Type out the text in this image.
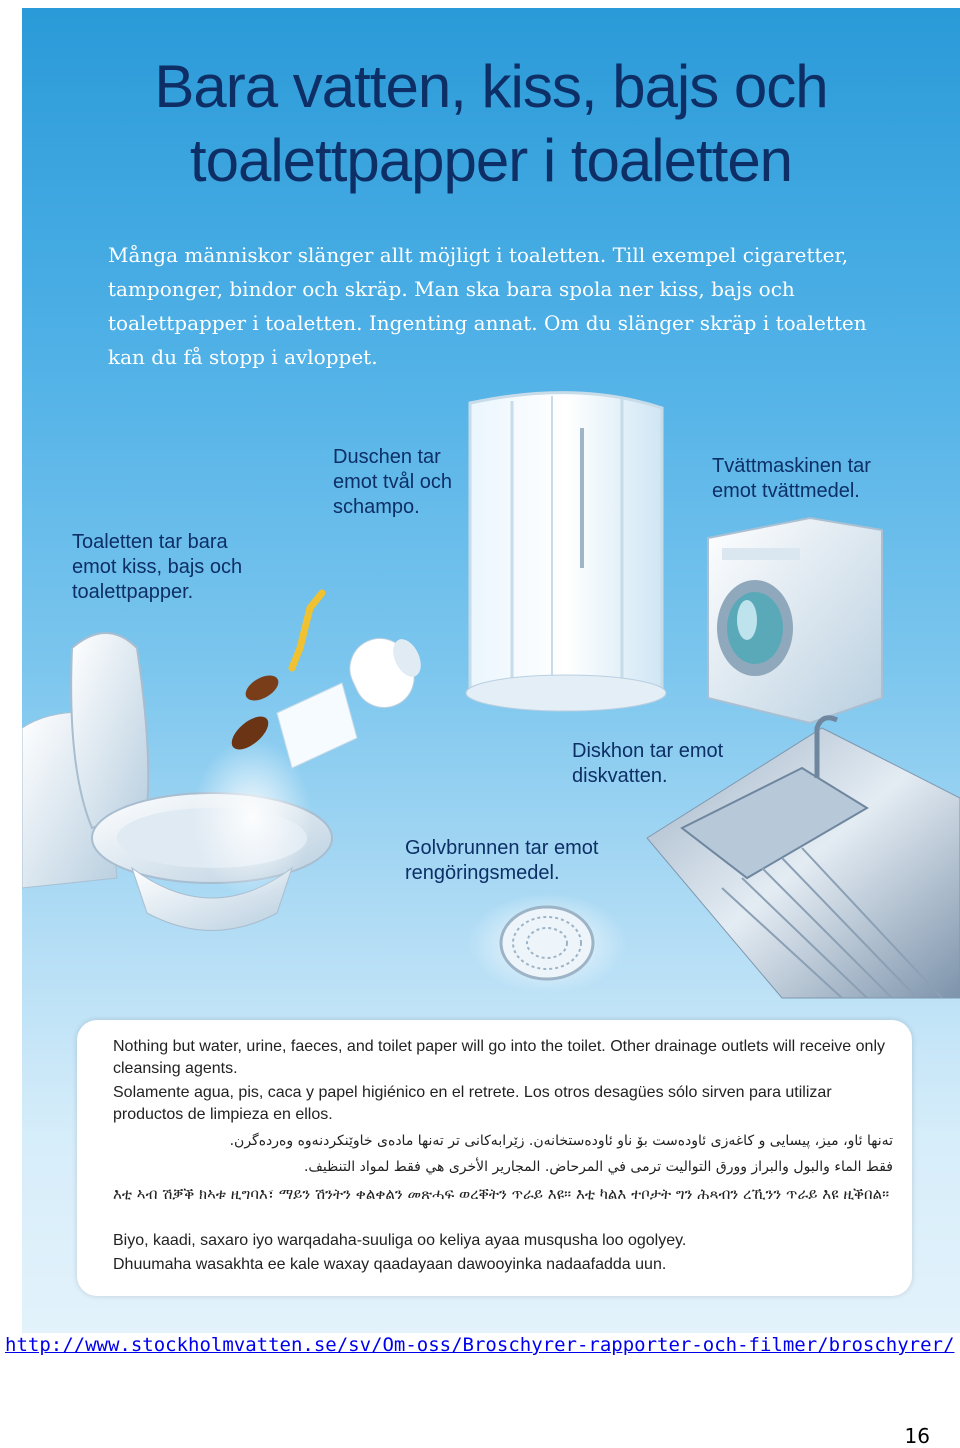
Bara vatten, kiss, bajs och
toalettpapper i toaletten
Många människor slänger allt möjligt i toaletten. Till exempel cigaretter, tamponger, bindor och skräp. Man ska bara spola ner kiss, bajs och toalettpapper i toaletten. Ingenting annat. Om du slänger skräp i toaletten kan du få stopp i avloppet.
Toaletten tar bara
emot kiss, bajs och
toalettpapper.
Duschen tar
emot tvål och
schampo.
Tvättmaskinen tar
emot tvättmedel.
Diskhon tar emot
diskvatten.
Golvbrunnen tar emot
rengöringsmedel.
Nothing but water, urine, faeces, and toilet paper will go into the toilet. Other drainage outlets will receive only cleansing agents.
Solamente agua, pis, caca y papel higiénico en el retrete. Los otros desagües sólo sirven para utilizar productos de limpieza en ellos.
تەنها ئاو، میز، پیسایی و کاغەزی ئاودەست بۆ ناو ئاودەستخانەن. زێرابەکانی تر تەنها مادەی خاوێنکردنەوە وەردەگرن.
فقط الماء والبول والبراز وورق التواليت ترمى في المرحاض. المجارير الأخرى هي فقط لمواد التنظيف.
እቲ ኣብ ሽቓቕ ክኣቱ ዚግባእ፣ ማይን ሽንትን ቀልቀልን መጽሓፍ ወረቐትን ጥራይ እዩ። እቲ ካልእ ተቦታት ግን ሕጻብን ረኺንን ጥራይ እዩ ዚቕበል።
Biyo, kaadi, saxaro iyo warqadaha-suuliga oo keliya ayaa musqusha loo ogolyey.
Dhuumaha wasakhta ee kale waxay qaadayaan dawooyinka nadaafadda uun.
http://www.stockholmvatten.se/sv/Om-oss/Broschyrer-rapporter-och-filmer/broschyrer/
16
